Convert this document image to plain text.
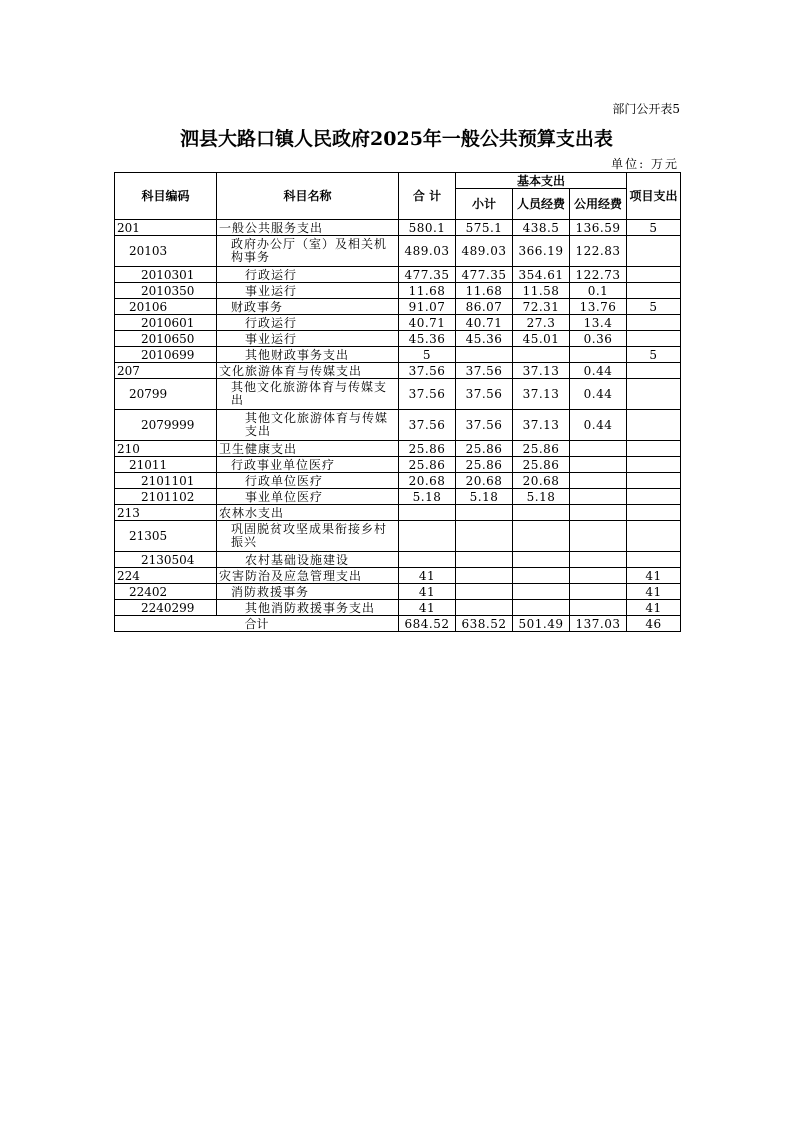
部门公开表5
泗县大路口镇人民政府2025年一般公共预算支出表
单位: 万元
科目编码	科目名称	合 计	基本支出			项目支出
			小计	人员经费	公用经费	
201	一般公共服务支出	580.1	575.1	438.5	136.59	5
20103	政府办公厅（室）及相关机构事务	489.03	489.03	366.19	122.83	
2010301	行政运行	477.35	477.35	354.61	122.73	
2010350	事业运行	11.68	11.68	11.58	0.1	
20106	财政事务	91.07	86.07	72.31	13.76	5
2010601	行政运行	40.71	40.71	27.3	13.4	
2010650	事业运行	45.36	45.36	45.01	0.36	
2010699	其他财政事务支出	5				5
207	文化旅游体育与传媒支出	37.56	37.56	37.13	0.44	
20799	其他文化旅游体育与传媒支出	37.56	37.56	37.13	0.44	
2079999	其他文化旅游体育与传媒支出	37.56	37.56	37.13	0.44	
210	卫生健康支出	25.86	25.86	25.86		
21011	行政事业单位医疗	25.86	25.86	25.86		
2101101	行政单位医疗	20.68	20.68	20.68		
2101102	事业单位医疗	5.18	5.18	5.18		
213	农林水支出					
21305	巩固脱贫攻坚成果衔接乡村振兴					
2130504	农村基础设施建设					
224	灾害防治及应急管理支出	41				41
22402	消防救援事务	41				41
2240299	其他消防救援事务支出	41				41
合计		684.52	638.52	501.49	137.03	46
